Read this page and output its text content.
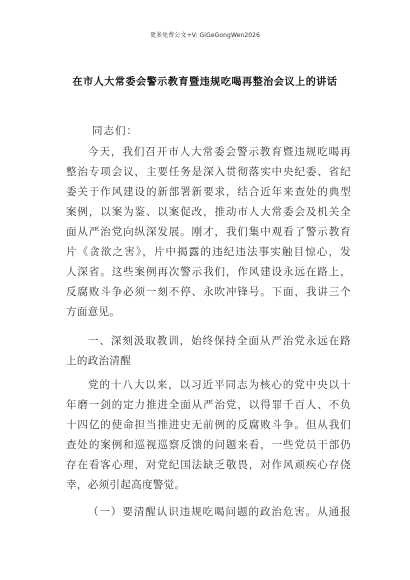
更多免费公文+V: GiGeGongWen2026
在市人大常委会警示教育暨违规吃喝再整治会议上的讲话
同志们：
今天，我们召开市人大常委会警示教育暨违规吃喝再
整治专项会议，主要任务是深入贯彻落实中央纪委、省纪
委关于作风建设的新部署新要求，结合近年来查处的典型
案例，以案为鉴、以案促改，推动市人大常委会及机关全
面从严治党向纵深发展。刚才，我们集中观看了警示教育
片《贪欲之害》，片中揭露的违纪违法事实触目惊心，发
人深省。这些案例再次警示我们，作风建设永远在路上，
反腐败斗争必须一刻不停、永吹冲锋号。下面，我讲三个
方面意见。
一、深刻汲取教训，始终保持全面从严治党永远在路
上的政治清醒
党的十八大以来，以习近平同志为核心的党中央以十
年磨一剑的定力推进全面从严治党，以得罪千百人、不负
十四亿的使命担当推进史无前例的反腐败斗争。但从我们
查处的案例和巡视巡察反馈的问题来看，一些党员干部仍
存在看客心理，对党纪国法缺乏敬畏，对作风顽疾心存侥
幸，必须引起高度警觉。
（一）要清醒认识违规吃喝问题的政治危害。从通报
